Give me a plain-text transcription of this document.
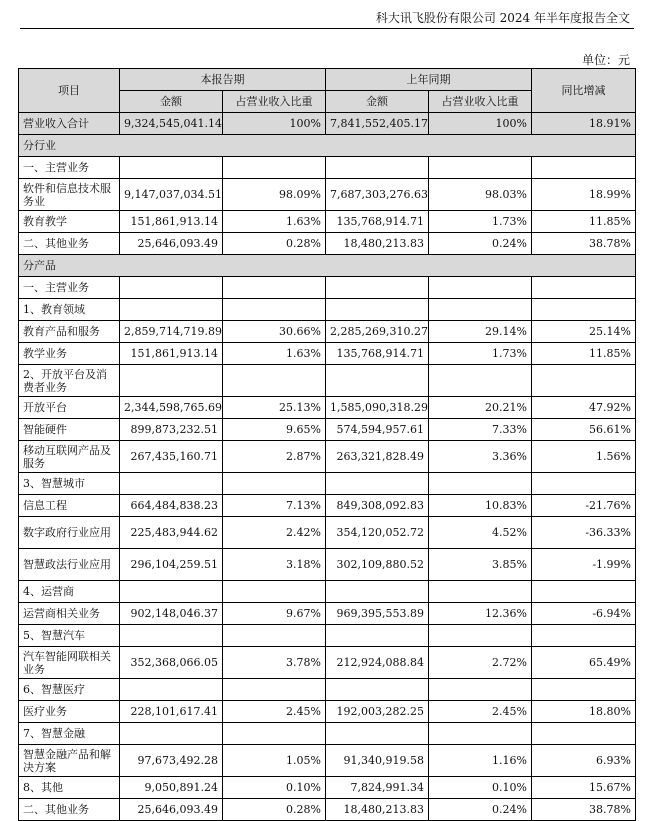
科大讯飞股份有限公司 2024 年半年度报告全文
单位：元
项目	本报告期		上年同期		同比增减
	金额	占营业收入比重	金额	占营业收入比重	
营业收入合计	9,324,545,041.14	100%	7,841,552,405.17	100%	18.91%
分行业					
一、主营业务					
软件和信息技术服务业	9,147,037,034.51	98.09%	7,687,303,276.63	98.03%	18.99%
教育教学	151,861,913.14	1.63%	135,768,914.71	1.73%	11.85%
二、其他业务	25,646,093.49	0.28%	18,480,213.83	0.24%	38.78%
分产品					
一、主营业务					
1、教育领域					
教育产品和服务	2,859,714,719.89	30.66%	2,285,269,310.27	29.14%	25.14%
教学业务	151,861,913.14	1.63%	135,768,914.71	1.73%	11.85%
2、开放平台及消费者业务					
开放平台	2,344,598,765.69	25.13%	1,585,090,318.29	20.21%	47.92%
智能硬件	899,873,232.51	9.65%	574,594,957.61	7.33%	56.61%
移动互联网产品及服务	267,435,160.71	2.87%	263,321,828.49	3.36%	1.56%
3、智慧城市					
信息工程	664,484,838.23	7.13%	849,308,092.83	10.83%	-21.76%
数字政府行业应用	225,483,944.62	2.42%	354,120,052.72	4.52%	-36.33%
智慧政法行业应用	296,104,259.51	3.18%	302,109,880.52	3.85%	-1.99%
4、运营商					
运营商相关业务	902,148,046.37	9.67%	969,395,553.89	12.36%	-6.94%
5、智慧汽车					
汽车智能网联相关业务	352,368,066.05	3.78%	212,924,088.84	2.72%	65.49%
6、智慧医疗					
医疗业务	228,101,617.41	2.45%	192,003,282.25	2.45%	18.80%
7、智慧金融					
智慧金融产品和解决方案	97,673,492.28	1.05%	91,340,919.58	1.16%	6.93%
8、其他	9,050,891.24	0.10%	7,824,991.34	0.10%	15.67%
二、其他业务	25,646,093.49	0.28%	18,480,213.83	0.24%	38.78%
